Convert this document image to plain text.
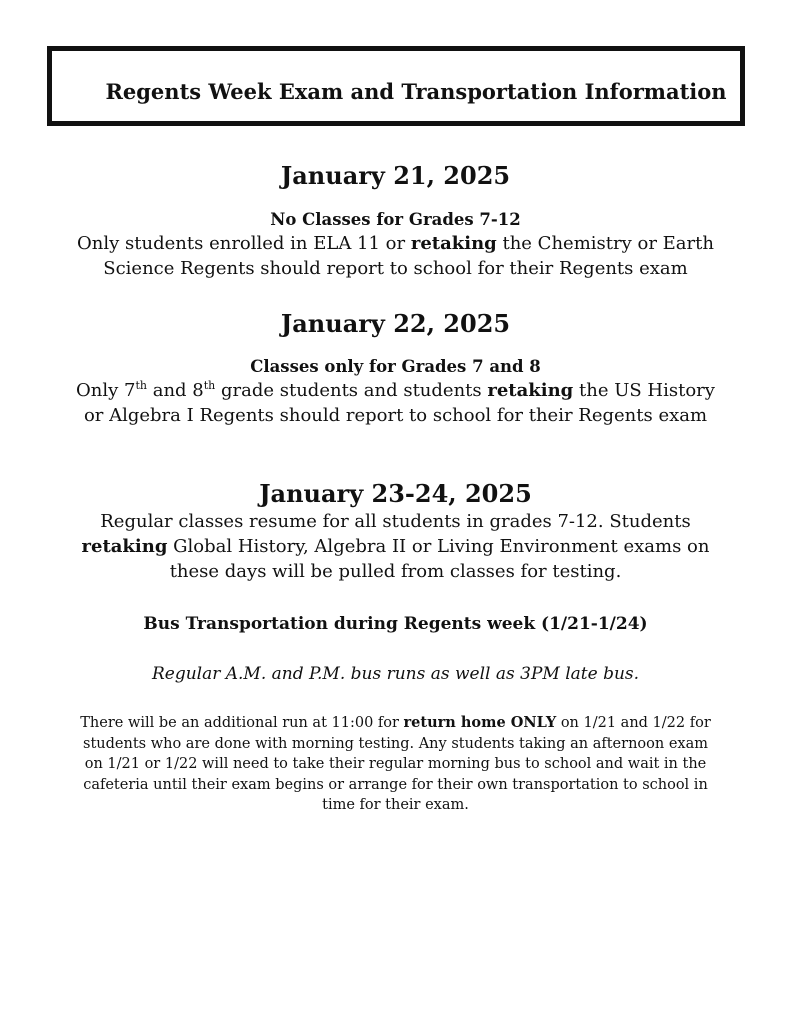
Regents Week Exam and Transportation Information
January 21, 2025
No Classes for Grades 7-12
Only students enrolled in ELA 11 or retaking the Chemistry or Earth
Science Regents should report to school for their Regents exam
January 22, 2025
Classes only for Grades 7 and 8
Only 7th and 8th grade students and students retaking the US History
or Algebra I Regents should report to school for their Regents exam
January 23-24, 2025
Regular classes resume for all students in grades 7-12. Students
retaking Global History, Algebra II or Living Environment exams on
these days will be pulled from classes for testing.
Bus Transportation during Regents week (1/21-1/24)
Regular A.M. and P.M. bus runs as well as 3PM late bus.
There will be an additional run at 11:00 for return home ONLY on 1/21 and 1/22 for
students who are done with morning testing. Any students taking an afternoon exam
on 1/21 or 1/22 will need to take their regular morning bus to school and wait in the
cafeteria until their exam begins or arrange for their own transportation to school in
time for their exam.
